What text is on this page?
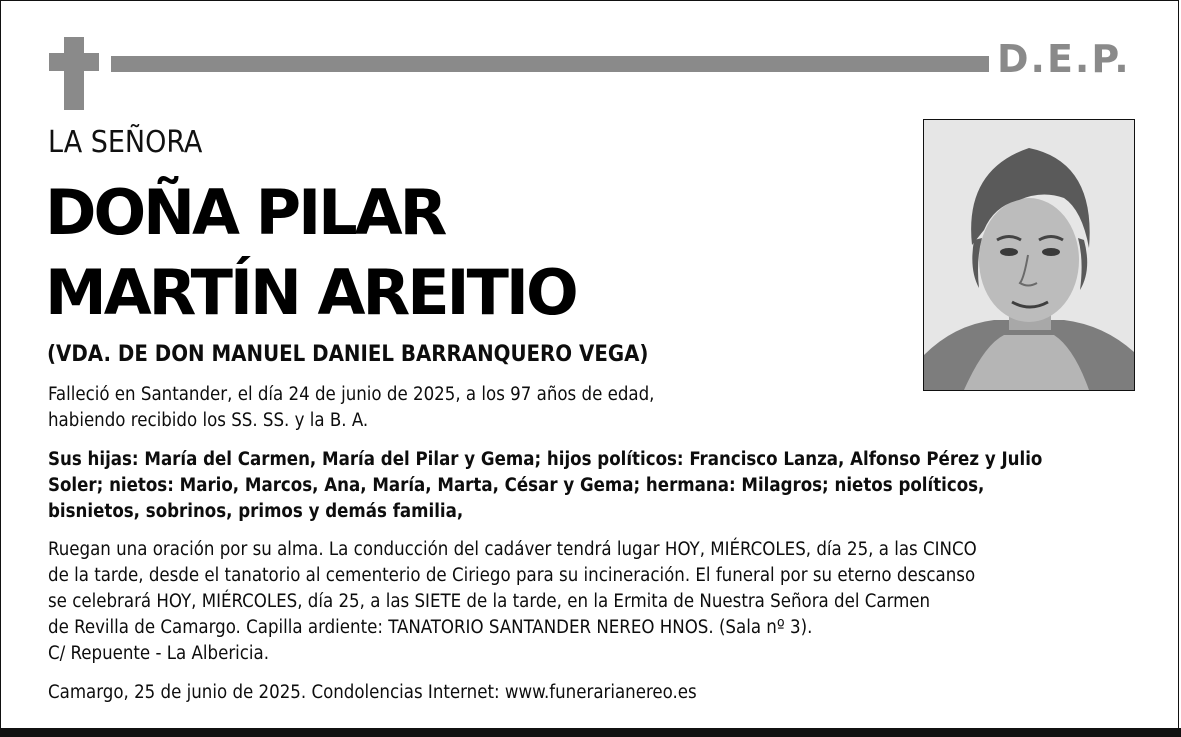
D.E.P.
LA SEÑORA
DOÑA PILAR
MARTÍN AREITIO
(VDA. DE DON MANUEL DANIEL BARRANQUERO VEGA)
Falleció en Santander, el día 24 de junio de 2025, a los 97 años de edad,
habiendo recibido los SS. SS. y la B. A.
Sus hijas: María del Carmen, María del Pilar y Gema; hijos políticos: Francisco Lanza, Alfonso Pérez y Julio
Soler; nietos: Mario, Marcos, Ana, María, Marta, César y Gema; hermana: Milagros; nietos políticos,
bisnietos, sobrinos, primos y demás familia,
Ruegan una oración por su alma. La conducción del cadáver tendrá lugar HOY, MIÉRCOLES, día 25, a las CINCO
de la tarde, desde el tanatorio al cementerio de Ciriego para su incineración. El funeral por su eterno descanso
se celebrará HOY, MIÉRCOLES, día 25, a las SIETE de la tarde, en la Ermita de Nuestra Señora del Carmen
de Revilla de Camargo. Capilla ardiente: TANATORIO SANTANDER NEREO HNOS. (Sala nº 3).
C/ Repuente - La Albericia.
Camargo, 25 de junio de 2025. Condolencias Internet: www.funerarianereo.es
